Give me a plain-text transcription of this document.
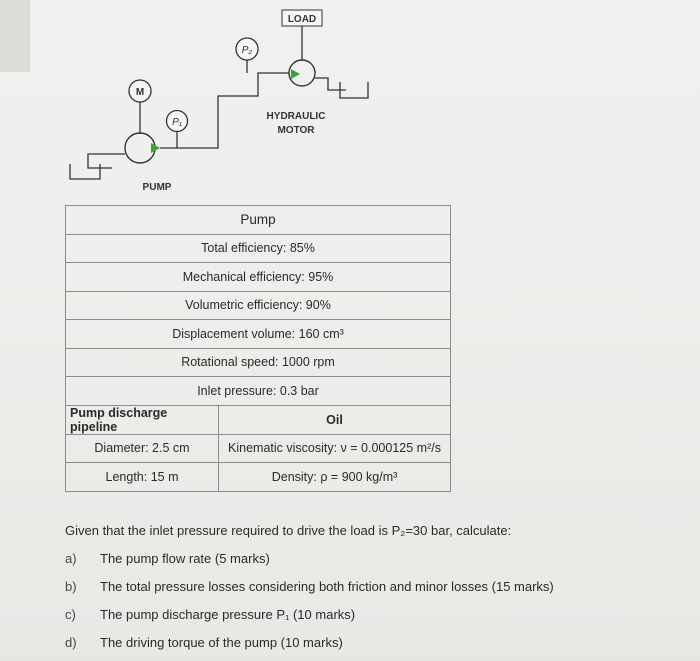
LOAD
HYDRAULIC
MOTOR
P₂
P₁
M
PUMP
Pump	
Total efficiency: 85%	
Mechanical efficiency: 95%	
Volumetric efficiency: 90%	
Displacement volume: 160 cm³	
Rotational speed: 1000 rpm	
Inlet pressure: 0.3 bar	
Pump discharge pipeline	Oil
Diameter: 2.5 cm	Kinematic viscosity: ν = 0.000125 m²/s
Length: 15 m	Density: ρ = 900 kg/m³

Given that the inlet pressure required to drive the load is P₂=30 bar, calculate:

a) The pump flow rate (5 marks)
b) The total pressure losses considering both friction and minor losses (15 marks)
c) The pump discharge pressure P₁ (10 marks)
d) The driving torque of the pump (10 marks)
